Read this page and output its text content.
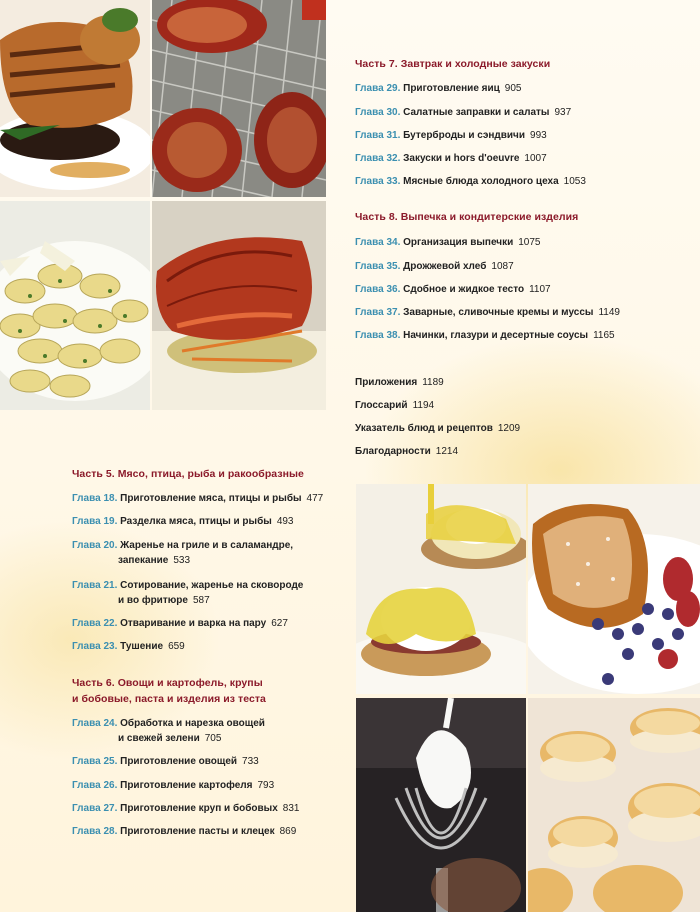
Часть 7. Завтрак и холодные закуски
Глава 29. Приготовление яиц 905
Глава 30. Салатные заправки и салаты 937
Глава 31. Бутерброды и сэндвичи 993
Глава 32. Закуски и hors d'oeuvre 1007
Глава 33. Мясные блюда холодного цеха 1053
Часть 8. Выпечка и кондитерские изделия
Глава 34. Организация выпечки 1075
Глава 35. Дрожжевой хлеб 1087
Глава 36. Сдобное и жидкое тесто 1107
Глава 37. Заварные, сливочные кремы и муссы 1149
Глава 38. Начинки, глазури и десертные соусы 1165
Приложения 1189
Глоссарий 1194
Указатель блюд и рецептов 1209
Благодарности 1214
Часть 5. Мясо, птица, рыба и ракообразные
Глава 18. Приготовление мяса, птицы и рыбы 477
Глава 19. Разделка мяса, птицы и рыбы 493
Глава 20. Жаренье на гриле и в саламандре,
запекание 533
Глава 21. Сотирование, жаренье на сковороде
и во фритюре 587
Глава 22. Отваривание и варка на пару 627
Глава 23. Тушение 659
Часть 6. Овощи и картофель, крупы
и бобовые, паста и изделия из теста
Глава 24. Обработка и нарезка овощей
и свежей зелени 705
Глава 25. Приготовление овощей 733
Глава 26. Приготовление картофеля 793
Глава 27. Приготовление круп и бобовых 831
Глава 28. Приготовление пасты и клецек 869
